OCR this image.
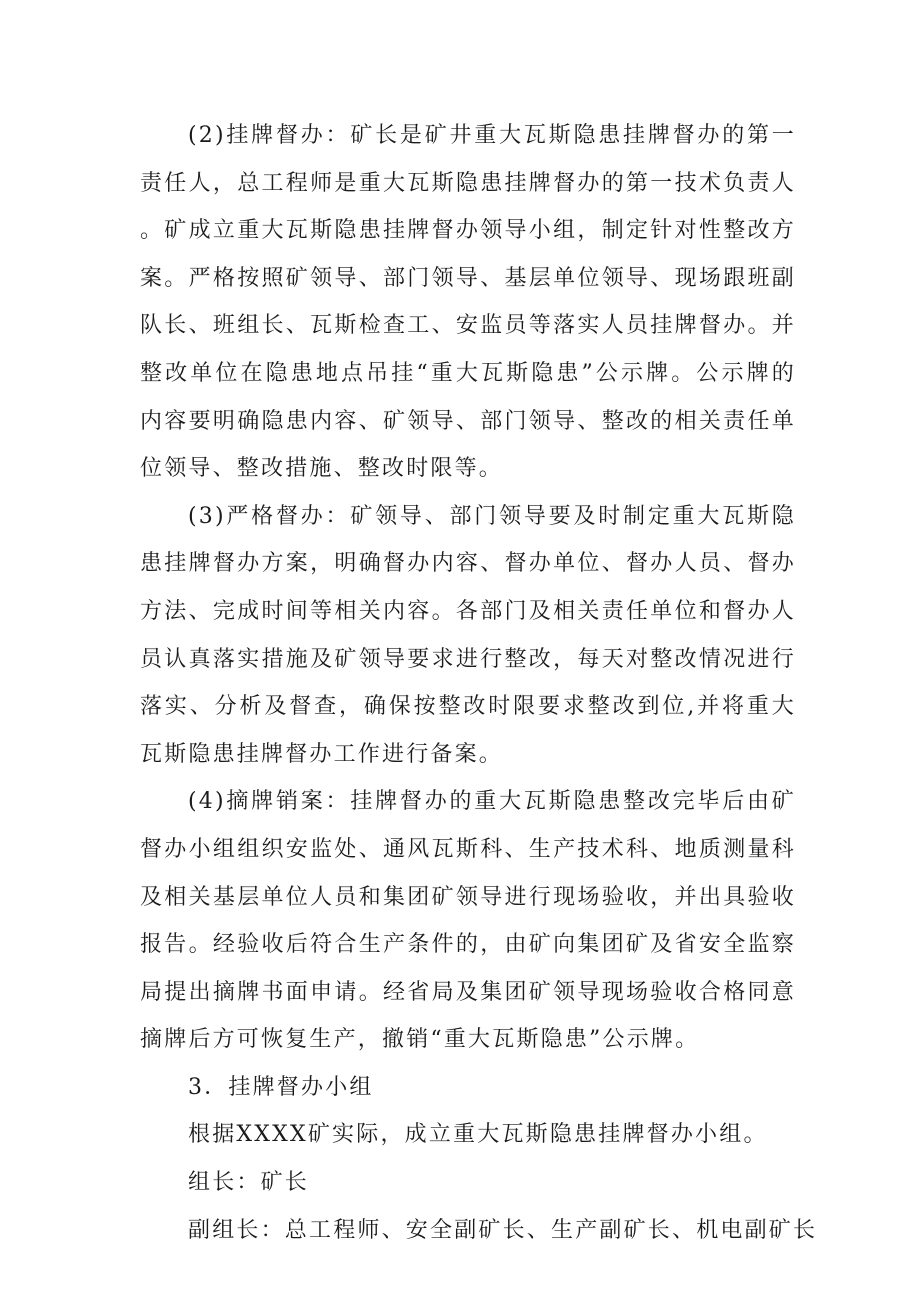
(2)挂牌督办：矿长是矿井重大瓦斯隐患挂牌督办的第一责任人，总工程师是重大瓦斯隐患挂牌督办的第一技术负责人。矿成立重大瓦斯隐患挂牌督办领导小组，制定针对性整改方案。严格按照矿领导、部门领导、基层单位领导、现场跟班副队长、班组长、瓦斯检查工、安监员等落实人员挂牌督办。并整改单位在隐患地点吊挂“重大瓦斯隐患”公示牌。公示牌的内容要明确隐患内容、矿领导、部门领导、整改的相关责任单位领导、整改措施、整改时限等。

(3)严格督办：矿领导、部门领导要及时制定重大瓦斯隐患挂牌督办方案，明确督办内容、督办单位、督办人员、督办方法、完成时间等相关内容。各部门及相关责任单位和督办人员认真落实措施及矿领导要求进行整改，每天对整改情况进行落实、分析及督查，确保按整改时限要求整改到位,并将重大瓦斯隐患挂牌督办工作进行备案。

(4)摘牌销案：挂牌督办的重大瓦斯隐患整改完毕后由矿督办小组组织安监处、通风瓦斯科、生产技术科、地质测量科及相关基层单位人员和集团矿领导进行现场验收，并出具验收报告。经验收后符合生产条件的，由矿向集团矿及省安全监察局提出摘牌书面申请。经省局及集团矿领导现场验收合格同意摘牌后方可恢复生产，撤销“重大瓦斯隐患”公示牌。

3．挂牌督办小组

根据XXXX矿实际，成立重大瓦斯隐患挂牌督办小组。

组长：矿长

副组长：总工程师、安全副矿长、生产副矿长、机电副矿长
